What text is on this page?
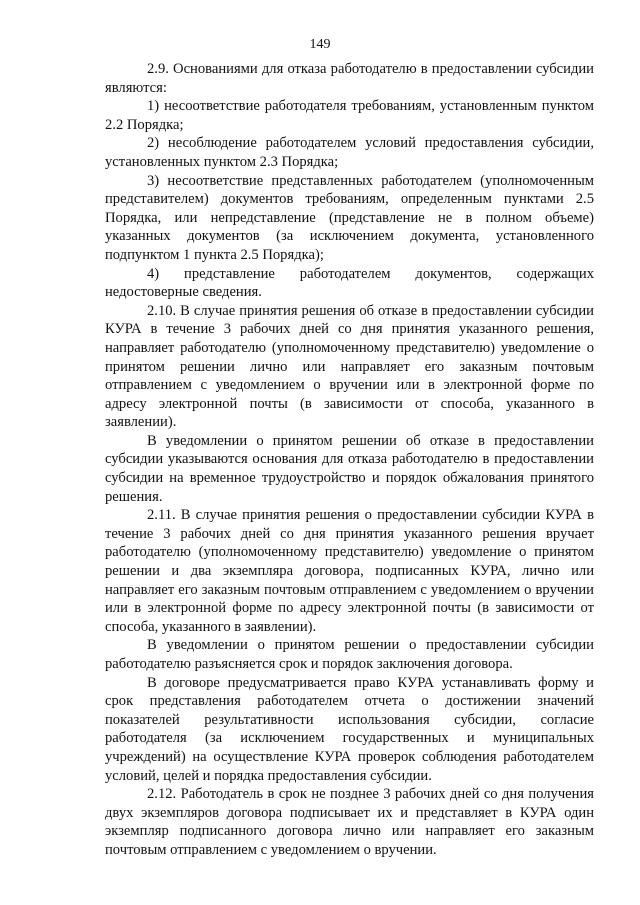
149

2.9. Основаниями для отказа работодателю в предоставлении субсидии являются:

1) несоответствие работодателя требованиям, установленным пунктом 2.2 Порядка;

2) несоблюдение работодателем условий предоставления субсидии, установленных пунктом 2.3 Порядка;

3) несоответствие представленных работодателем (уполномоченным представителем) документов требованиям, определенным пунктами 2.5 Порядка, или непредставление (представление не в полном объеме) указанных документов (за исключением документа, установленного подпунктом 1 пункта 2.5 Порядка);

4) представление работодателем документов, содержащих недостоверные сведения.

2.10. В случае принятия решения об отказе в предоставлении субсидии КУРА в течение 3 рабочих дней со дня принятия указанного решения, направляет работодателю (уполномоченному представителю) уведомление о принятом решении лично или направляет его заказным почтовым отправлением с уведомлением о вручении или в электронной форме по адресу электронной почты (в зависимости от способа, указанного в заявлении).

В уведомлении о принятом решении об отказе в предоставлении субсидии указываются основания для отказа работодателю в предоставлении субсидии на временное трудоустройство и порядок обжалования принятого решения.

2.11. В случае принятия решения о предоставлении субсидии КУРА в течение 3 рабочих дней со дня принятия указанного решения вручает работодателю (уполномоченному представителю) уведомление о принятом решении и два экземпляра договора, подписанных КУРА, лично или направляет его заказным почтовым отправлением с уведомлением о вручении или в электронной форме по адресу электронной почты (в зависимости от способа, указанного в заявлении).

В уведомлении о принятом решении о предоставлении субсидии работодателю разъясняется срок и порядок заключения договора.

В договоре предусматривается право КУРА устанавливать форму и срок представления работодателем отчета о достижении значений показателей результативности использования субсидии, согласие работодателя (за исключением государственных и муниципальных учреждений) на осуществление КУРА проверок соблюдения работодателем условий, целей и порядка предоставления субсидии.

2.12. Работодатель в срок не позднее 3 рабочих дней со дня получения двух экземпляров договора подписывает их и представляет в КУРА один экземпляр подписанного договора лично или направляет его заказным почтовым отправлением с уведомлением о вручении.
